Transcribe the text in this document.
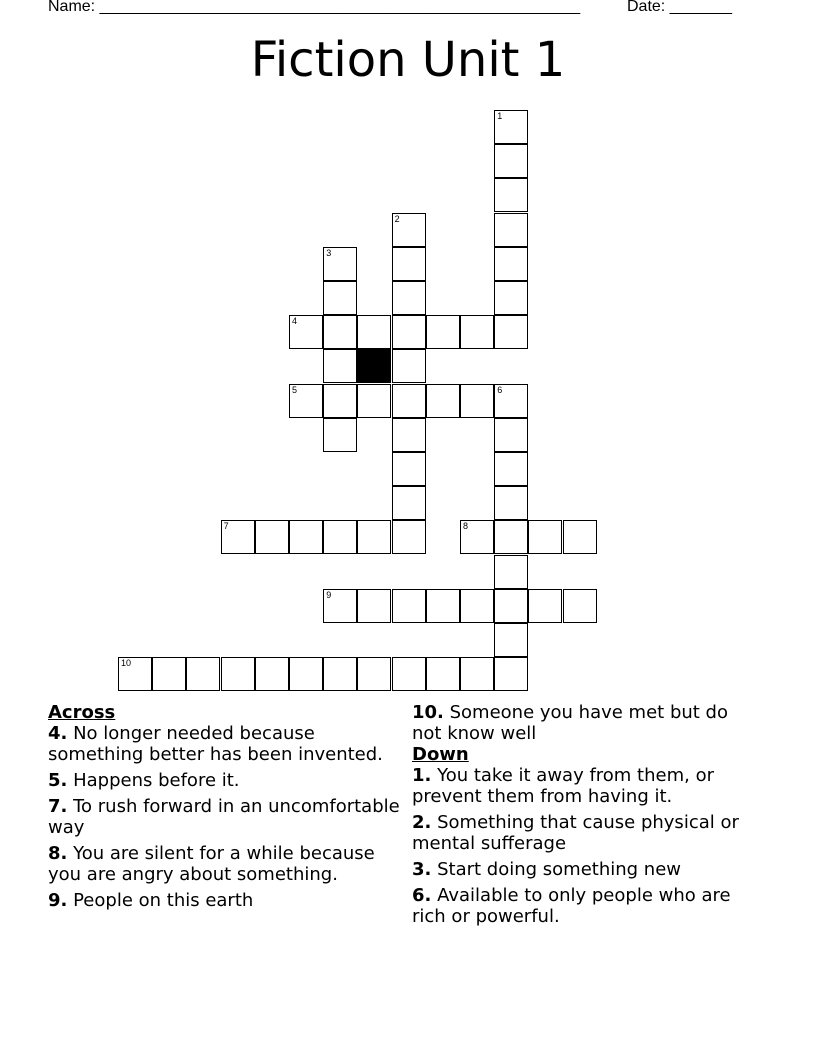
Name: ______________________________________________________	Date: _______
Fiction Unit 1
1
2
3
4
5	6
7	8
9
10

Across

4. No longer needed because something better has been invented.

5. Happens before it.

7. To rush forward in an uncomfortable way

8. You are silent for a while because you are angry about something.

9. People on this earth

10. Someone you have met but do not know well

Down

1. You take it away from them, or prevent them from having it.

2. Something that cause physical or mental sufferage

3. Start doing something new

6. Available to only people who are rich or powerful.
